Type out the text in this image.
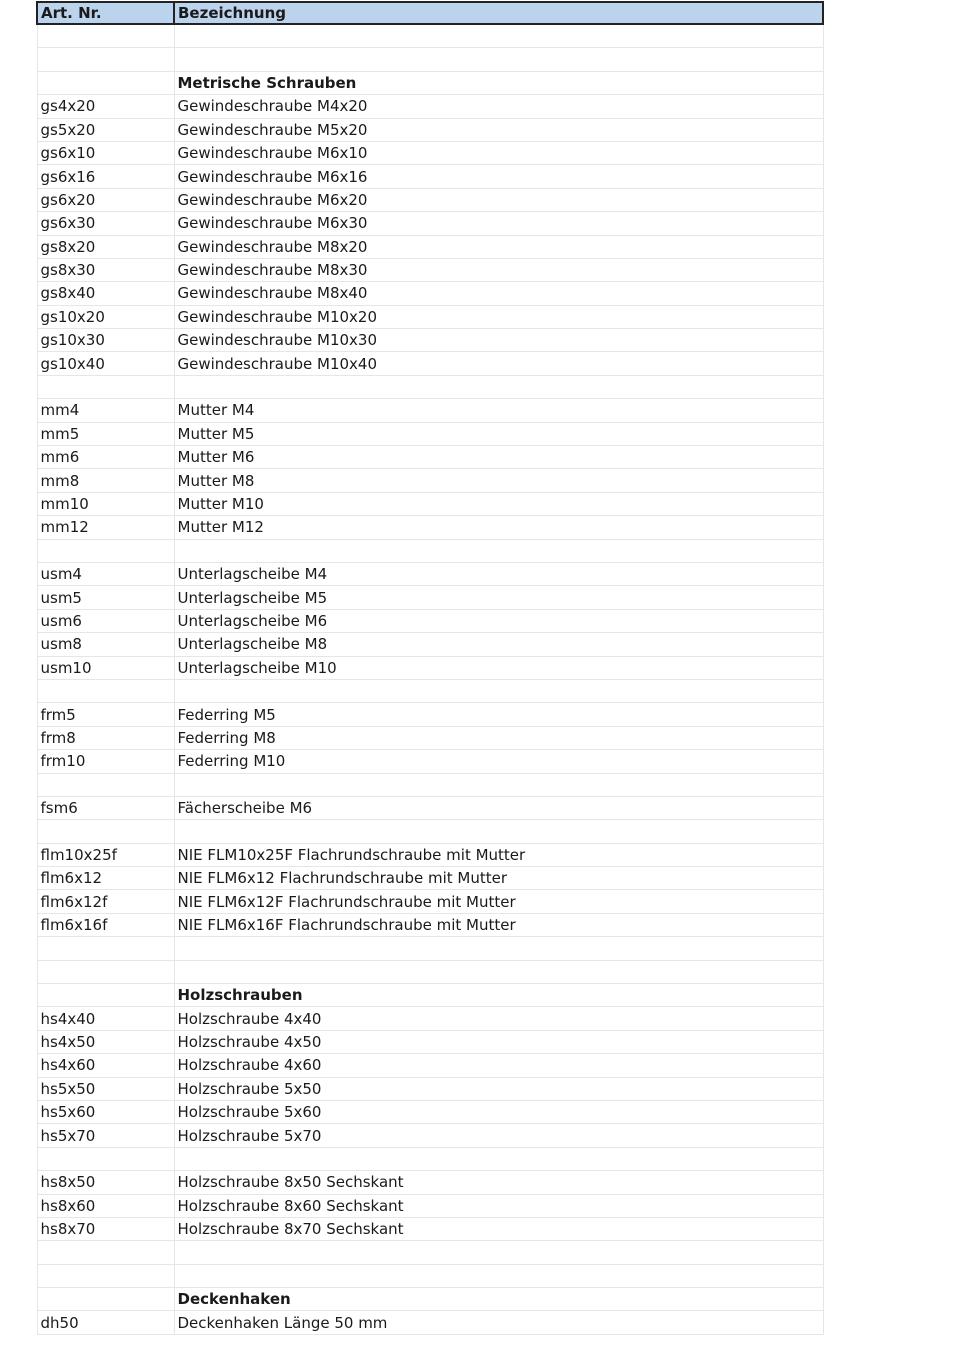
Art. Nr.	Bezeichnung

	Metrische Schrauben
gs4x20	Gewindeschraube M4x20
gs5x20	Gewindeschraube M5x20
gs6x10	Gewindeschraube M6x10
gs6x16	Gewindeschraube M6x16
gs6x20	Gewindeschraube M6x20
gs6x30	Gewindeschraube M6x30
gs8x20	Gewindeschraube M8x20
gs8x30	Gewindeschraube M8x30
gs8x40	Gewindeschraube M8x40
gs10x20	Gewindeschraube M10x20
gs10x30	Gewindeschraube M10x30
gs10x40	Gewindeschraube M10x40

mm4	Mutter M4
mm5	Mutter M5
mm6	Mutter M6
mm8	Mutter M8
mm10	Mutter M10
mm12	Mutter M12

usm4	Unterlagscheibe M4
usm5	Unterlagscheibe M5
usm6	Unterlagscheibe M6
usm8	Unterlagscheibe M8
usm10	Unterlagscheibe M10

frm5	Federring M5
frm8	Federring M8
frm10	Federring M10

fsm6	Fächerscheibe M6

flm10x25f	NIE FLM10x25F Flachrundschraube mit Mutter
flm6x12	NIE FLM6x12 Flachrundschraube mit Mutter
flm6x12f	NIE FLM6x12F Flachrundschraube mit Mutter
flm6x16f	NIE FLM6x16F Flachrundschraube mit Mutter

	Holzschrauben
hs4x40	Holzschraube 4x40
hs4x50	Holzschraube 4x50
hs4x60	Holzschraube 4x60
hs5x50	Holzschraube 5x50
hs5x60	Holzschraube 5x60
hs5x70	Holzschraube 5x70

hs8x50	Holzschraube 8x50 Sechskant
hs8x60	Holzschraube 8x60 Sechskant
hs8x70	Holzschraube 8x70 Sechskant

	Deckenhaken
dh50	Deckenhaken Länge 50 mm
